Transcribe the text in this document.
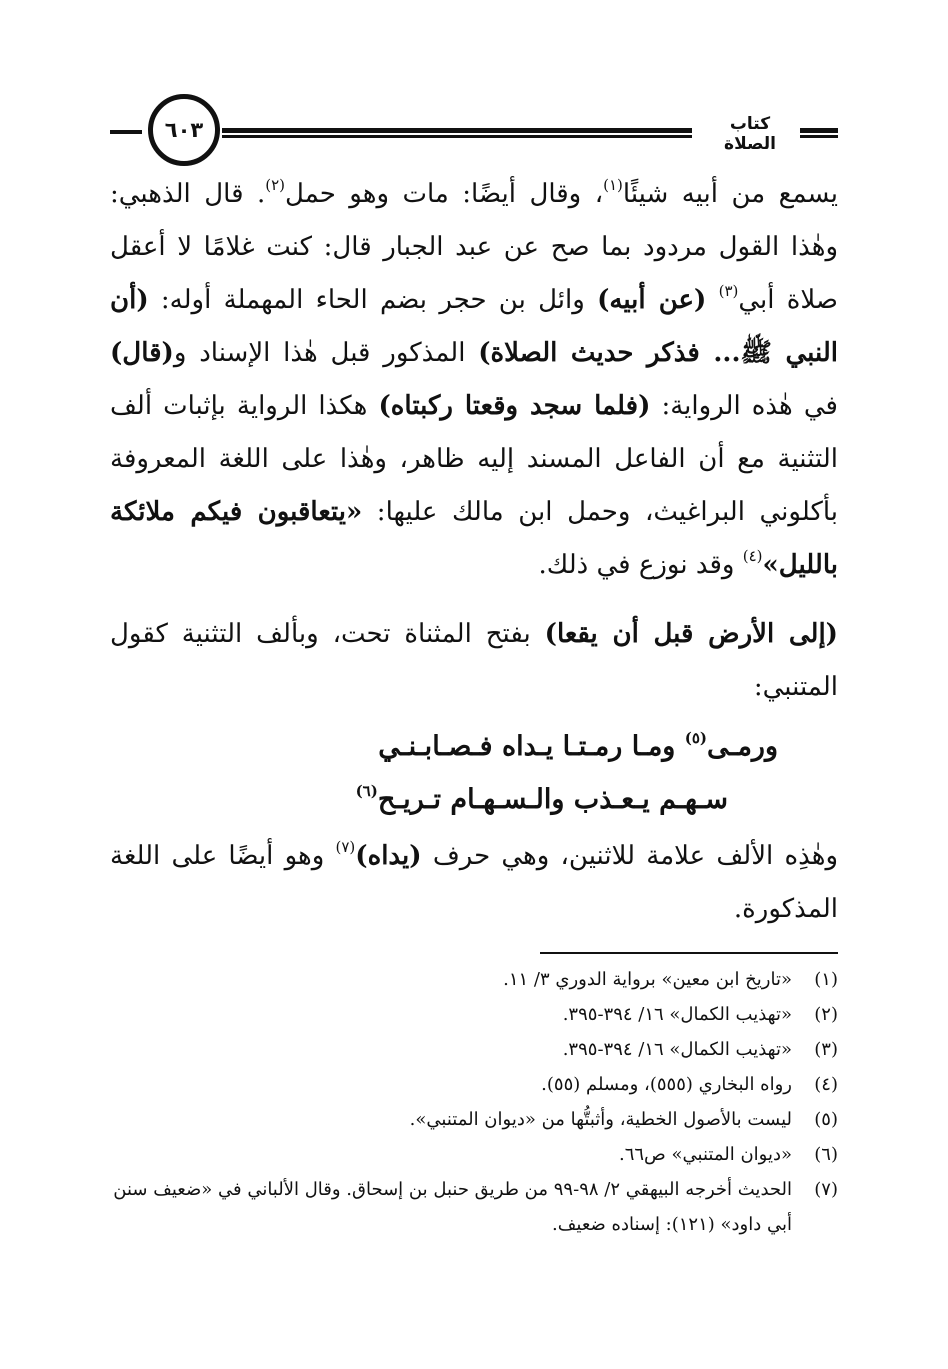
٦٠٣	كتاب الصلاة

يسمع من أبيه شيئًا$^{(١)}$، وقال أيضًا: مات وهو حمل$^{(٢)}$. قال الذهبي: وهٰذا القول مردود بما صح عن عبد الجبار قال: كنت غلامًا لا أعقل صلاة أبي$^{(٣)}$ (عن أبيه) وائل بن حجر بضم الحاء المهملة أوله: (أن النبي ﷺ... فذكر حديث الصلاة) المذكور قبل هٰذا الإسناد و(قال) في هٰذه الرواية: (فلما سجد وقعتا ركبتاه) هكذا الرواية بإثبات ألف التثنية مع أن الفاعل المسند إليه ظاهر، وهٰذا على اللغة المعروفة بأكلوني البراغيث، وحمل ابن مالك عليها: «يتعاقبون فيكم ملائكة بالليل»$^{(٤)}$ وقد نوزع في ذلك.

(إلى الأرض قبل أن يقعا) بفتح المثناة تحت، وبألف التثنية كقول المتنبي:

ورمـى$^{(٥)}$ ومـا رمـتـا يـداه فـصـابـنـي
سـهـم يـعـذب والـسـهـام تـريـح$^{(٦)}$

وهٰذِه الألف علامة للاثنين، وهي حرف (يداه)$^{(٧)}$ وهو أيضًا على اللغة المذكورة.

(١)
«تاريخ ابن معين» برواية الدوري ٣/ ١١.
(٢)
«تهذيب الكمال» ١٦/ ٣٩٤-٣٩٥.
(٣)
«تهذيب الكمال» ١٦/ ٣٩٤-٣٩٥.
(٤)
رواه البخاري (٥٥٥)، ومسلم (٥٥).
(٥)
ليست بالأصول الخطية، وأثبتُّها من «ديوان المتنبي».
(٦)
«ديوان المتنبي» ص٦٦.
(٧)
الحديث أخرجه البيهقي ٢/ ٩٨-٩٩ من طريق حنبل بن إسحاق. وقال الألباني في «ضعيف سنن أبي داود» (١٢١): إسناده ضعيف.
